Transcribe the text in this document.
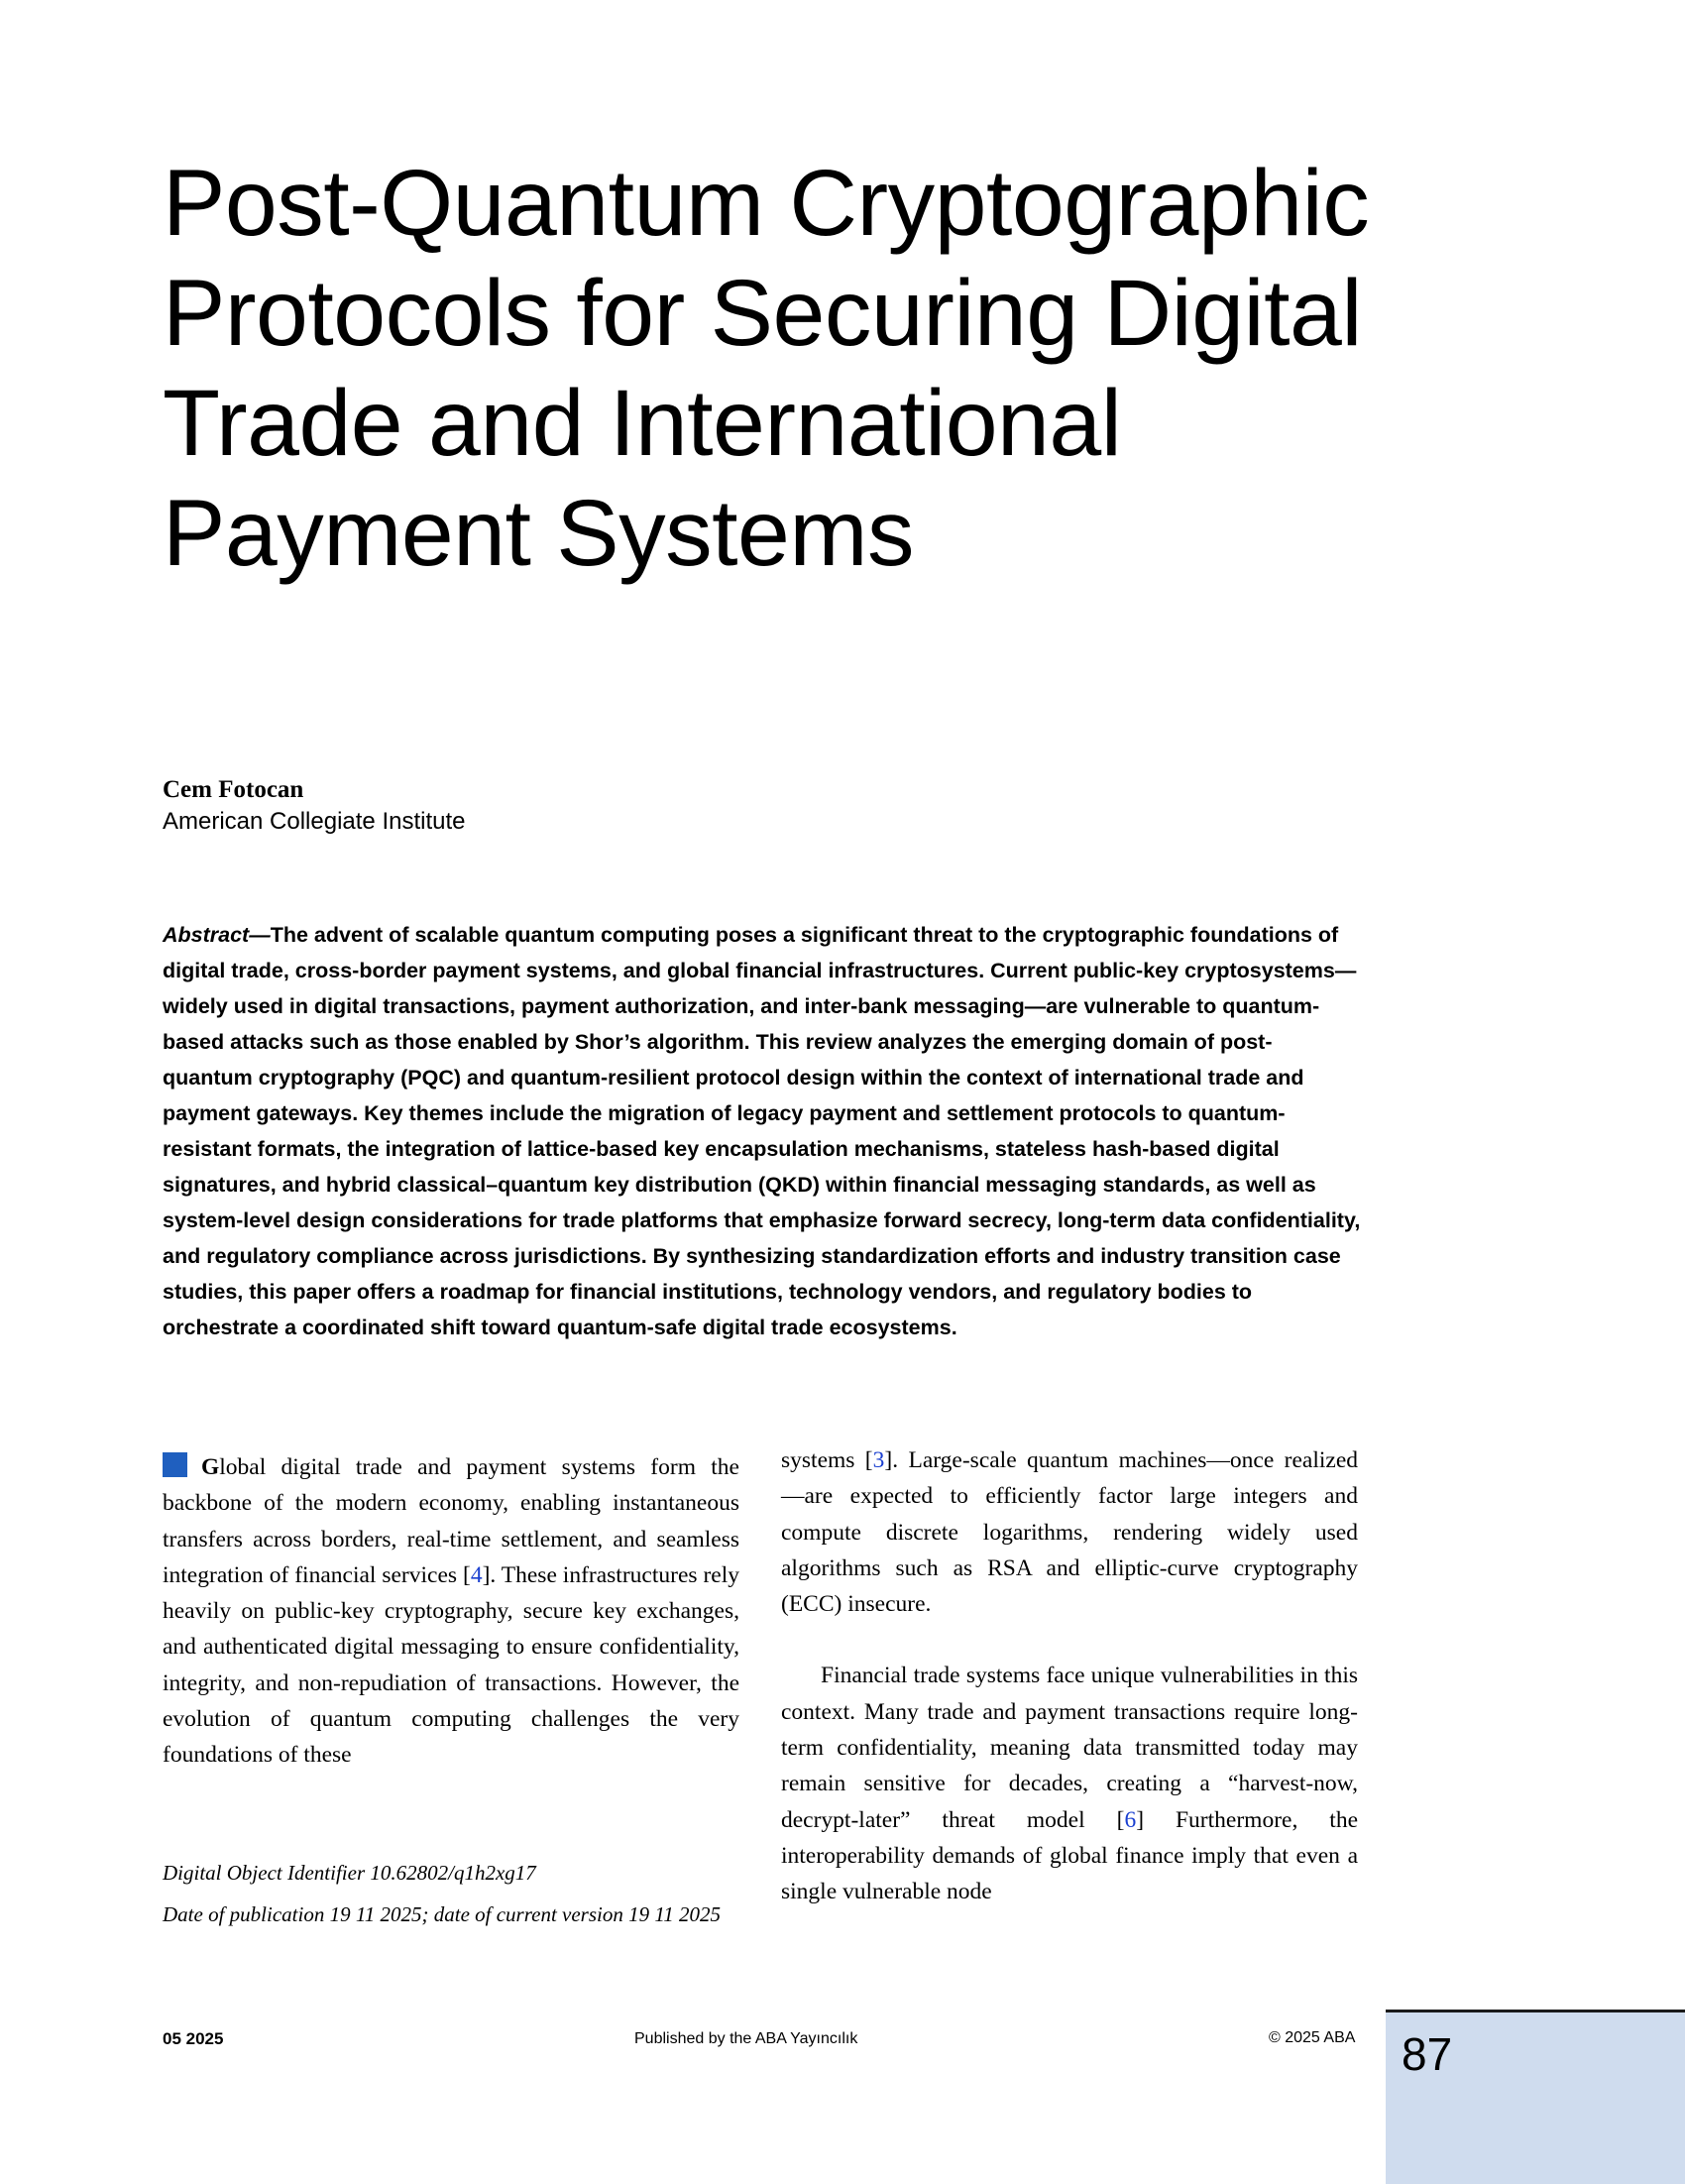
Post-Quantum Cryptographic Protocols for Securing Digital Trade and International Payment Systems
Cem Fotocan
American Collegiate Institute

Abstract—The advent of scalable quantum computing poses a significant threat to the cryptographic foundations of digital trade, cross-border payment systems, and global financial infrastructures. Current public-key cryptosystems—widely used in digital transactions, payment authorization, and inter-bank messaging—are vulnerable to quantum-based attacks such as those enabled by Shor’s algorithm. This review analyzes the emerging domain of post-quantum cryptography (PQC) and quantum-resilient protocol design within the context of international trade and payment gateways. Key themes include the migration of legacy payment and settlement protocols to quantum-resistant formats, the integration of lattice-based key encapsulation mechanisms, stateless hash-based digital signatures, and hybrid classical–quantum key distribution (QKD) within financial messaging standards, as well as system-level design considerations for trade platforms that emphasize forward secrecy, long-term data confidentiality, and regulatory compliance across jurisdictions. By synthesizing standardization efforts and industry transition case studies, this paper offers a roadmap for financial institutions, technology vendors, and regulatory bodies to orchestrate a coordinated shift toward quantum-safe digital trade ecosystems.

Global digital trade and payment systems form the backbone of the modern economy, enabling instantaneous transfers across borders, real-time settlement, and seamless integration of financial services [4]. These infrastructures rely heavily on public-key cryptography, secure key exchanges, and authenticated digital messaging to ensure confidentiality, integrity, and non-repudiation of transactions. However, the evolution of quantum computing challenges the very foundations of these

systems [3]. Large-scale quantum machines—once realized—are expected to efficiently factor large integers and compute discrete logarithms, rendering widely used algorithms such as RSA and elliptic-curve cryptography (ECC) insecure.

Financial trade systems face unique vulnerabilities in this context. Many trade and payment transactions require long-term confidentiality, meaning data transmitted today may remain sensitive for decades, creating a “harvest-now, decrypt-later” threat model [6] Furthermore, the interoperability demands of global finance imply that even a single vulnerable node

Digital Object Identifier 10.62802/q1h2xg17

Date of publication 19 11 2025; date of current version 19 11 2025

05 2025	Published by the ABA Yayıncılık	© 2025 ABA 87
